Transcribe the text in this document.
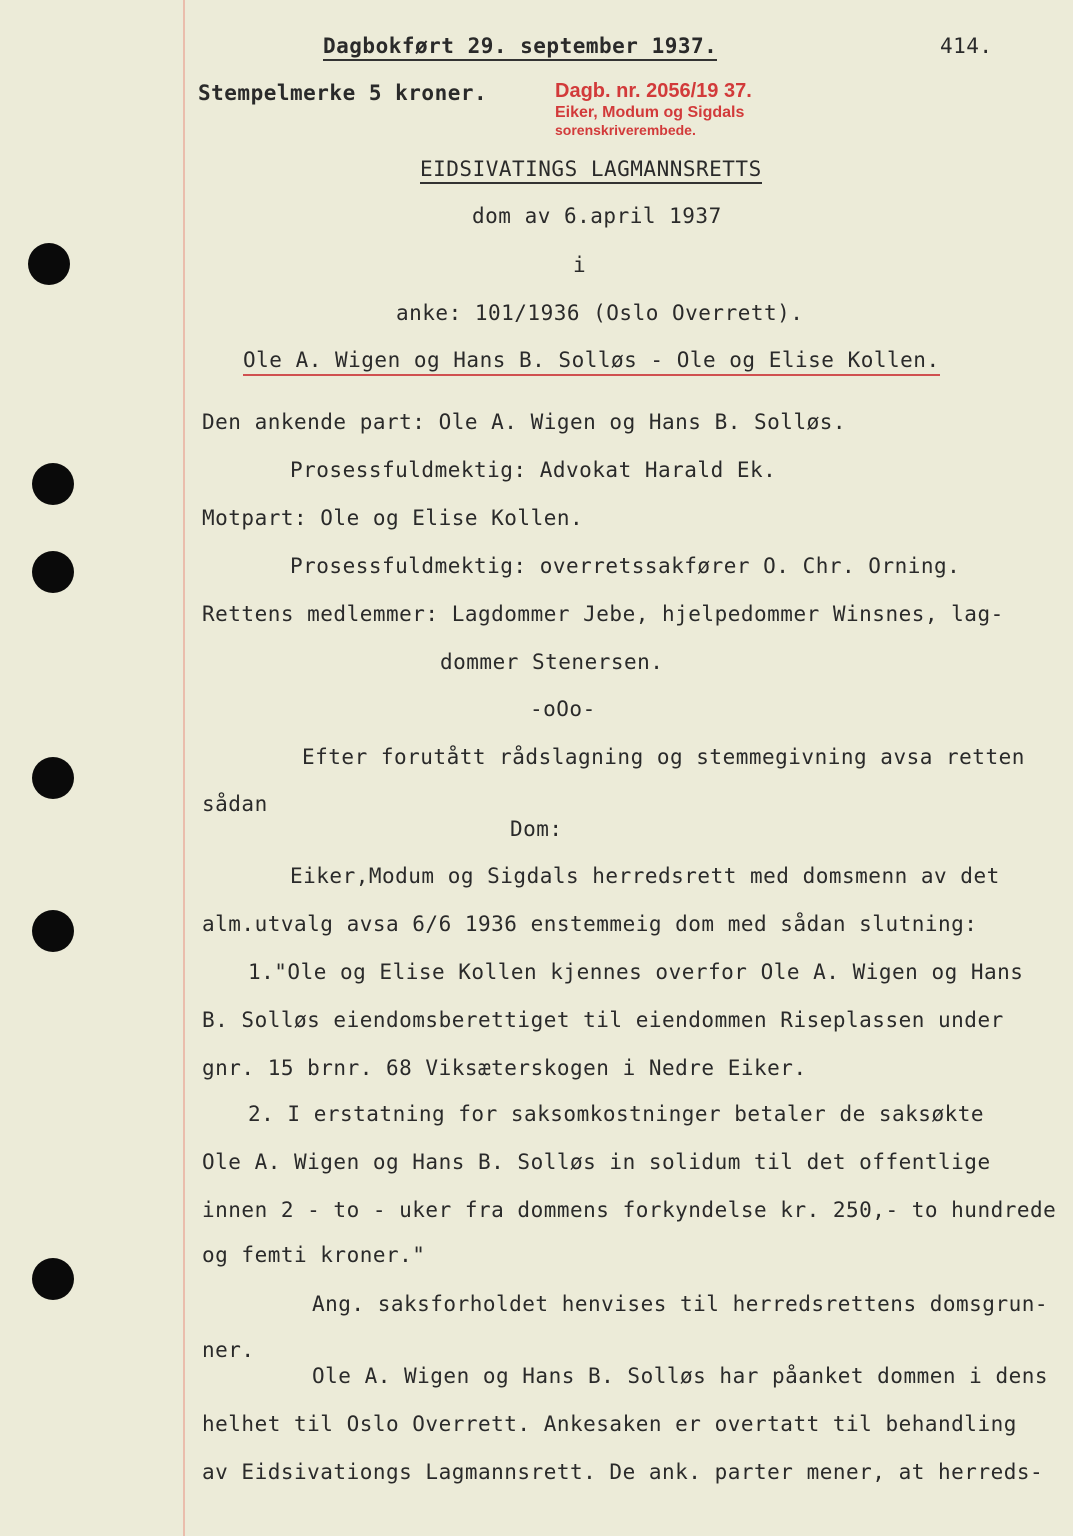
Dagbokført 29. september 1937.	414.
Stempelmerke 5 kroner.	Dagb. nr. 2056/19 37.
Eiker, Modum og Sigdals
sorenskriverembede.
EIDSIVATINGS LAGMANNSRETTS
dom av 6.april 1937
i
anke: 101/1936 (Oslo Overrett).
Ole A. Wigen og Hans B. Solløs - Ole og Elise Kollen.
Den ankende part: Ole A. Wigen og Hans B. Solløs.
Prosessfuldmektig: Advokat Harald Ek.
Motpart: Ole og Elise Kollen.
Prosessfuldmektig: overretssakfører O. Chr. Orning.
Rettens medlemmer: Lagdommer Jebe, hjelpedommer Winsnes, lag-
dommer Stenersen.
-oOo-
Efter forutått rådslagning og stemmegivning avsa retten
sådan
Dom:
Eiker,Modum og Sigdals herredsrett med domsmenn av det
alm.utvalg avsa 6/6 1936 enstemmeig dom med sådan slutning:
1."Ole og Elise Kollen kjennes overfor Ole A. Wigen og Hans
B. Solløs eiendomsberettiget til eiendommen Riseplassen under
gnr. 15 brnr. 68 Viksæterskogen i Nedre Eiker.
2. I erstatning for saksomkostninger betaler de saksøkte
Ole A. Wigen og Hans B. Solløs in solidum til det offentlige
innen 2 - to - uker fra dommens forkyndelse kr. 250,- to hundrede
og femti kroner."
Ang. saksforholdet henvises til herredsrettens domsgrun-
ner.
Ole A. Wigen og Hans B. Solløs har påanket dommen i dens
helhet til Oslo Overrett. Ankesaken er overtatt til behandling
av Eidsivationgs Lagmannsrett. De ank. parter mener, at herreds-
